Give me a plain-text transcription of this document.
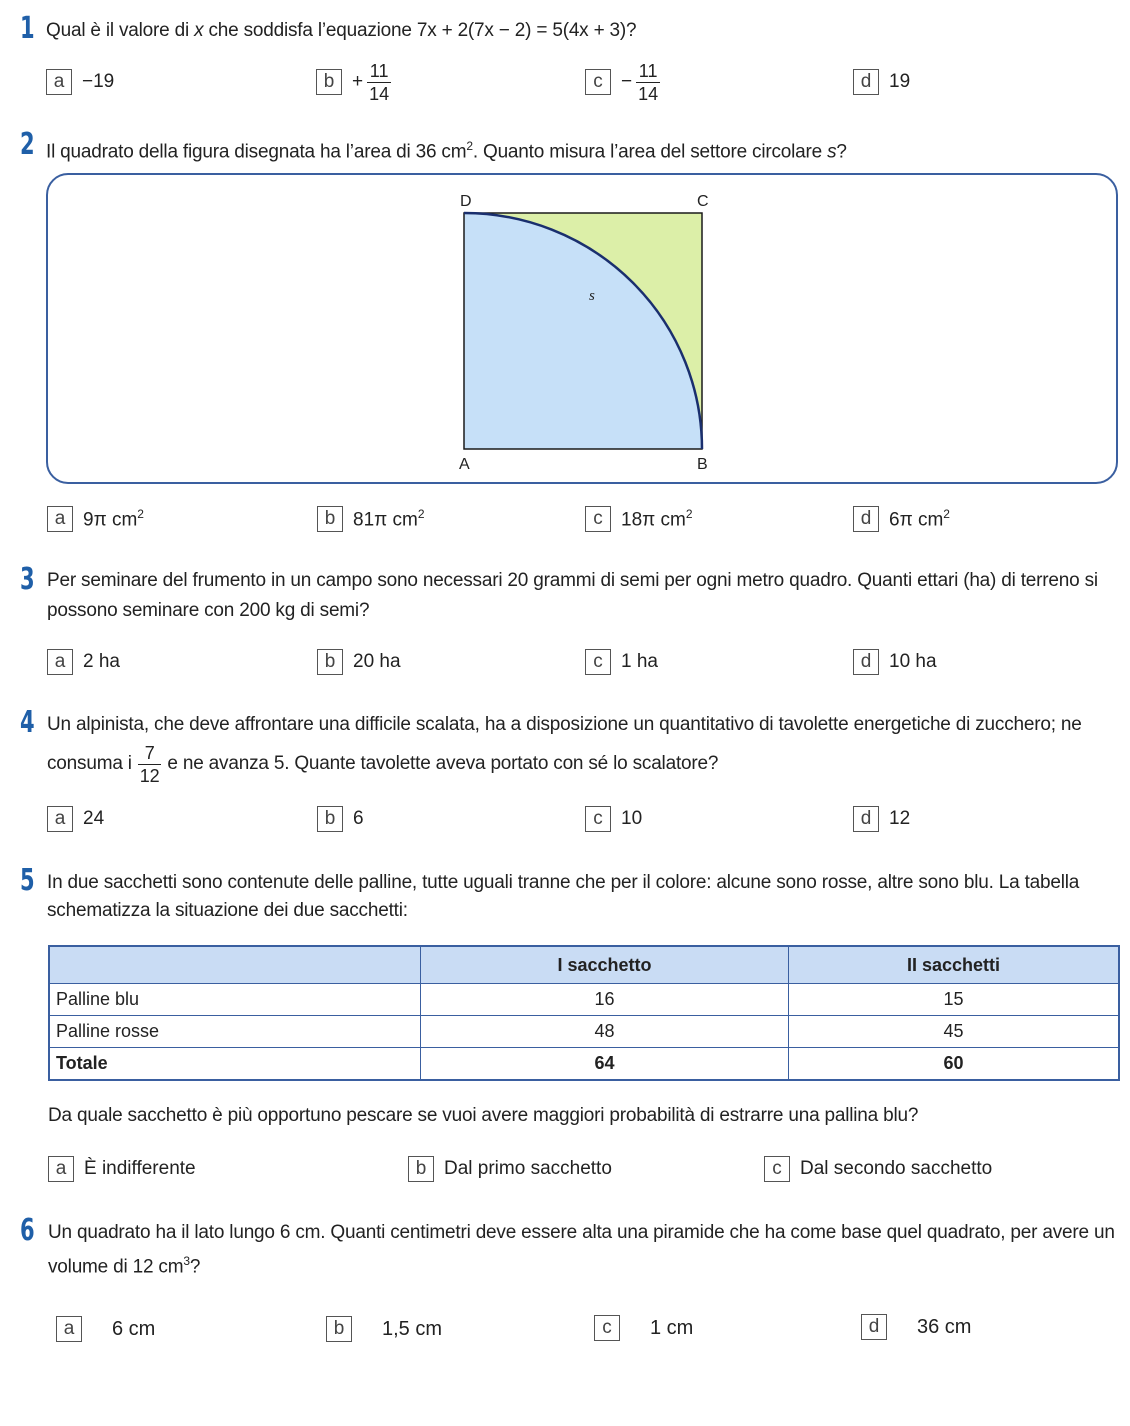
1 Qual è il valore di x che soddisfa l’equazione 7x + 2(7x − 2) = 5(4x + 3)?
a −19	$b + \frac{11}{14}$	$c - \frac{11}{14}$	d 19
2 Il quadrato della figura disegnata ha l’area di 36 $cm^2$. Quanto misura l’area del settore circolare s?
D	C
A	B
s
a 9π $cm^2$	b 81π $cm^2$	c 18π $cm^2$	d 6π $cm^2$
3 Per seminare del frumento in un campo sono necessari 20 grammi di semi per ogni metro quadro. Quanti ettari (ha) di terreno si
possono seminare con 200 kg di semi?
a 2 ha	b 20 ha	c 1 ha	d 10 ha
4 Un alpinista, che deve affrontare una difficile scalata, ha a disposizione un quantitativo di tavolette energetiche di zucchero; ne
consuma i $\frac{7}{12}$ e ne avanza 5. Quante tavolette aveva portato con sé lo scalatore?
a 24	b 6	c 10	d 12
5 In due sacchetti sono contenute delle palline, tutte uguali tranne che per il colore: alcune sono rosse, altre sono blu. La tabella
schematizza la situazione dei due sacchetti:
	I sacchetto	II sacchetti
Palline blu	16	15
Palline rosse	48	45
Totale	64	60
Da quale sacchetto è più opportuno pescare se vuoi avere maggiori probabilità di estrarre una pallina blu?
a È indifferente	b Dal primo sacchetto	c Dal secondo sacchetto
6 Un quadrato ha il lato lungo 6 cm. Quanti centimetri deve essere alta una piramide che ha come base quel quadrato, per avere un
volume di 12 $cm^3$?
a	6 cm	b	1,5 cm	c	1 cm	d	36 cm
